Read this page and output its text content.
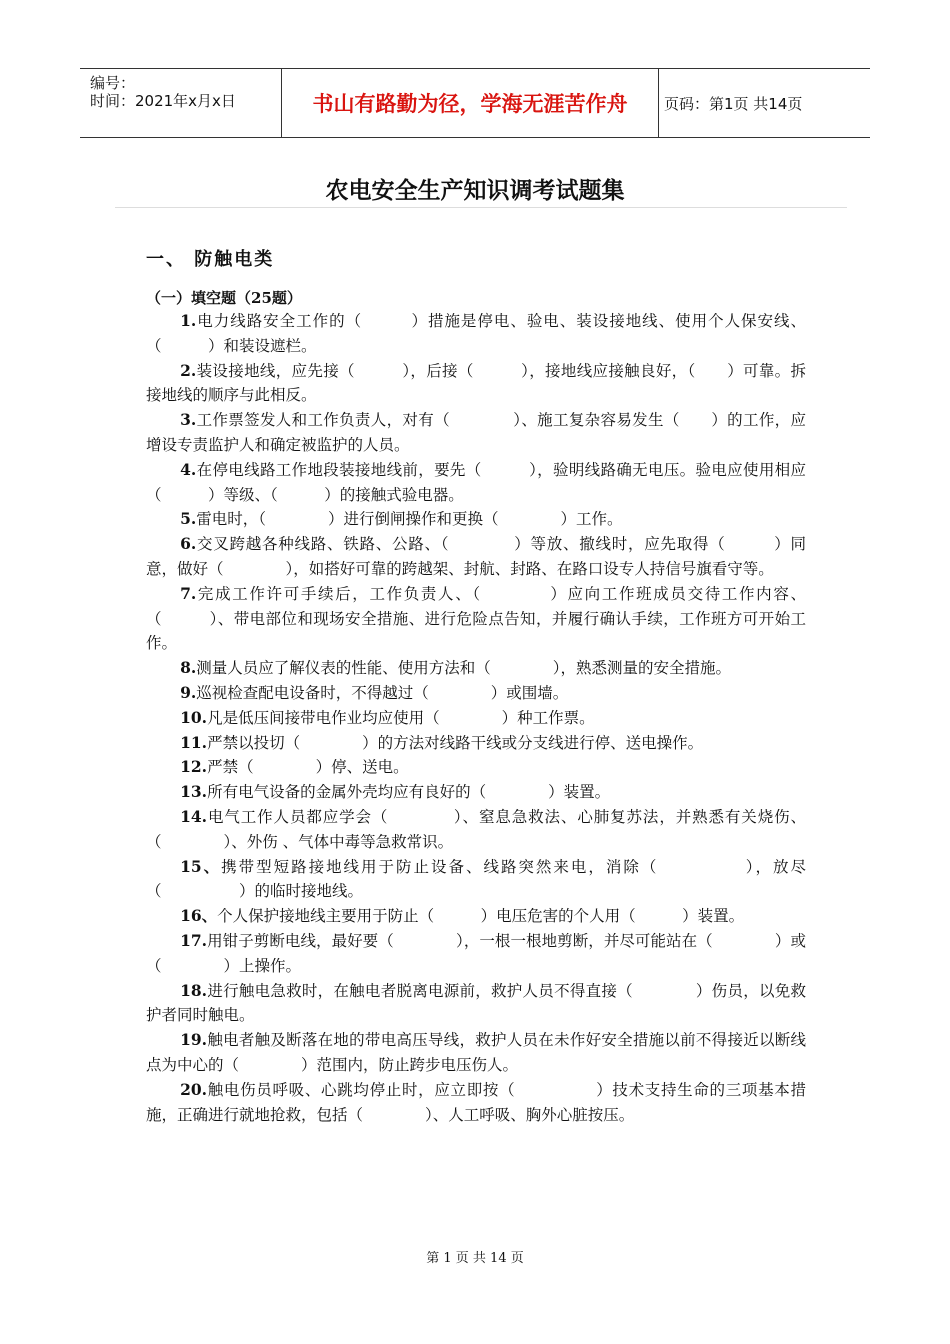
编号：
时间：2021年x月x日	书山有路勤为径，学海无涯苦作舟	页码：第1页 共14页
农电安全生产知识调考试题集
一、 防触电类
（一）填空题（25题）

1.电力线路安全工作的（　　　）措施是停电、验电、装设接地线、使用个人保安线、（　　　）和装设遮栏。

2.装设接地线，应先接（　　　），后接（　　　），接地线应接触良好，（　　）可靠。拆接地线的顺序与此相反。

3.工作票签发人和工作负责人，对有（　　　　）、施工复杂容易发生（　　）的工作，应增设专责监护人和确定被监护的人员。

4.在停电线路工作地段装接地线前，要先（　　　），验明线路确无电压。验电应使用相应（　　　）等级、（　　　）的接触式验电器。

5.雷电时，（　　　　）进行倒闸操作和更换（　　　　）工作。

6.交叉跨越各种线路、铁路、公路、（　　　　）等放、撤线时，应先取得（　　　）同意，做好（　　　　），如搭好可靠的跨越架、封航、封路、在路口设专人持信号旗看守等。

7.完成工作许可手续后，工作负责人、（　　　　）应向工作班成员交待工作内容、（　　　）、带电部位和现场安全措施、进行危险点告知，并履行确认手续，工作班方可开始工作。

8.测量人员应了解仪表的性能、使用方法和（　　　　），熟悉测量的安全措施。

9.巡视检查配电设备时，不得越过（　　　　）或围墙。

10.凡是低压间接带电作业均应使用（　　　　）种工作票。

11.严禁以投切（　　　　）的方法对线路干线或分支线进行停、送电操作。

12.严禁（　　　　）停、送电。

13.所有电气设备的金属外壳均应有良好的（　　　　）装置。

14.电气工作人员都应学会（　　　　）、窒息急救法、心肺复苏法，并熟悉有关烧伤、（　　　　）、外伤 、气体中毒等急救常识。

15、携带型短路接地线用于防止设备、线路突然来电，消除（　　　　　），放尽（　　　　　）的临时接地线。

16、个人保护接地线主要用于防止（　　　）电压危害的个人用（　　　）装置。

17.用钳子剪断电线，最好要（　　　　），一根一根地剪断，并尽可能站在（　　　　）或（　　　　）上操作。

18.进行触电急救时，在触电者脱离电源前，救护人员不得直接（　　　　）伤员，以免救护者同时触电。

19.触电者触及断落在地的带电高压导线，救护人员在未作好安全措施以前不得接近以断线点为中心的（　　　　）范围内，防止跨步电压伤人。

20.触电伤员呼吸、心跳均停止时，应立即按（　　　　　）技术支持生命的三项基本措施，正确进行就地抢救，包括（　　　　）、人工呼吸、胸外心脏按压。

第 1 页 共 14 页
